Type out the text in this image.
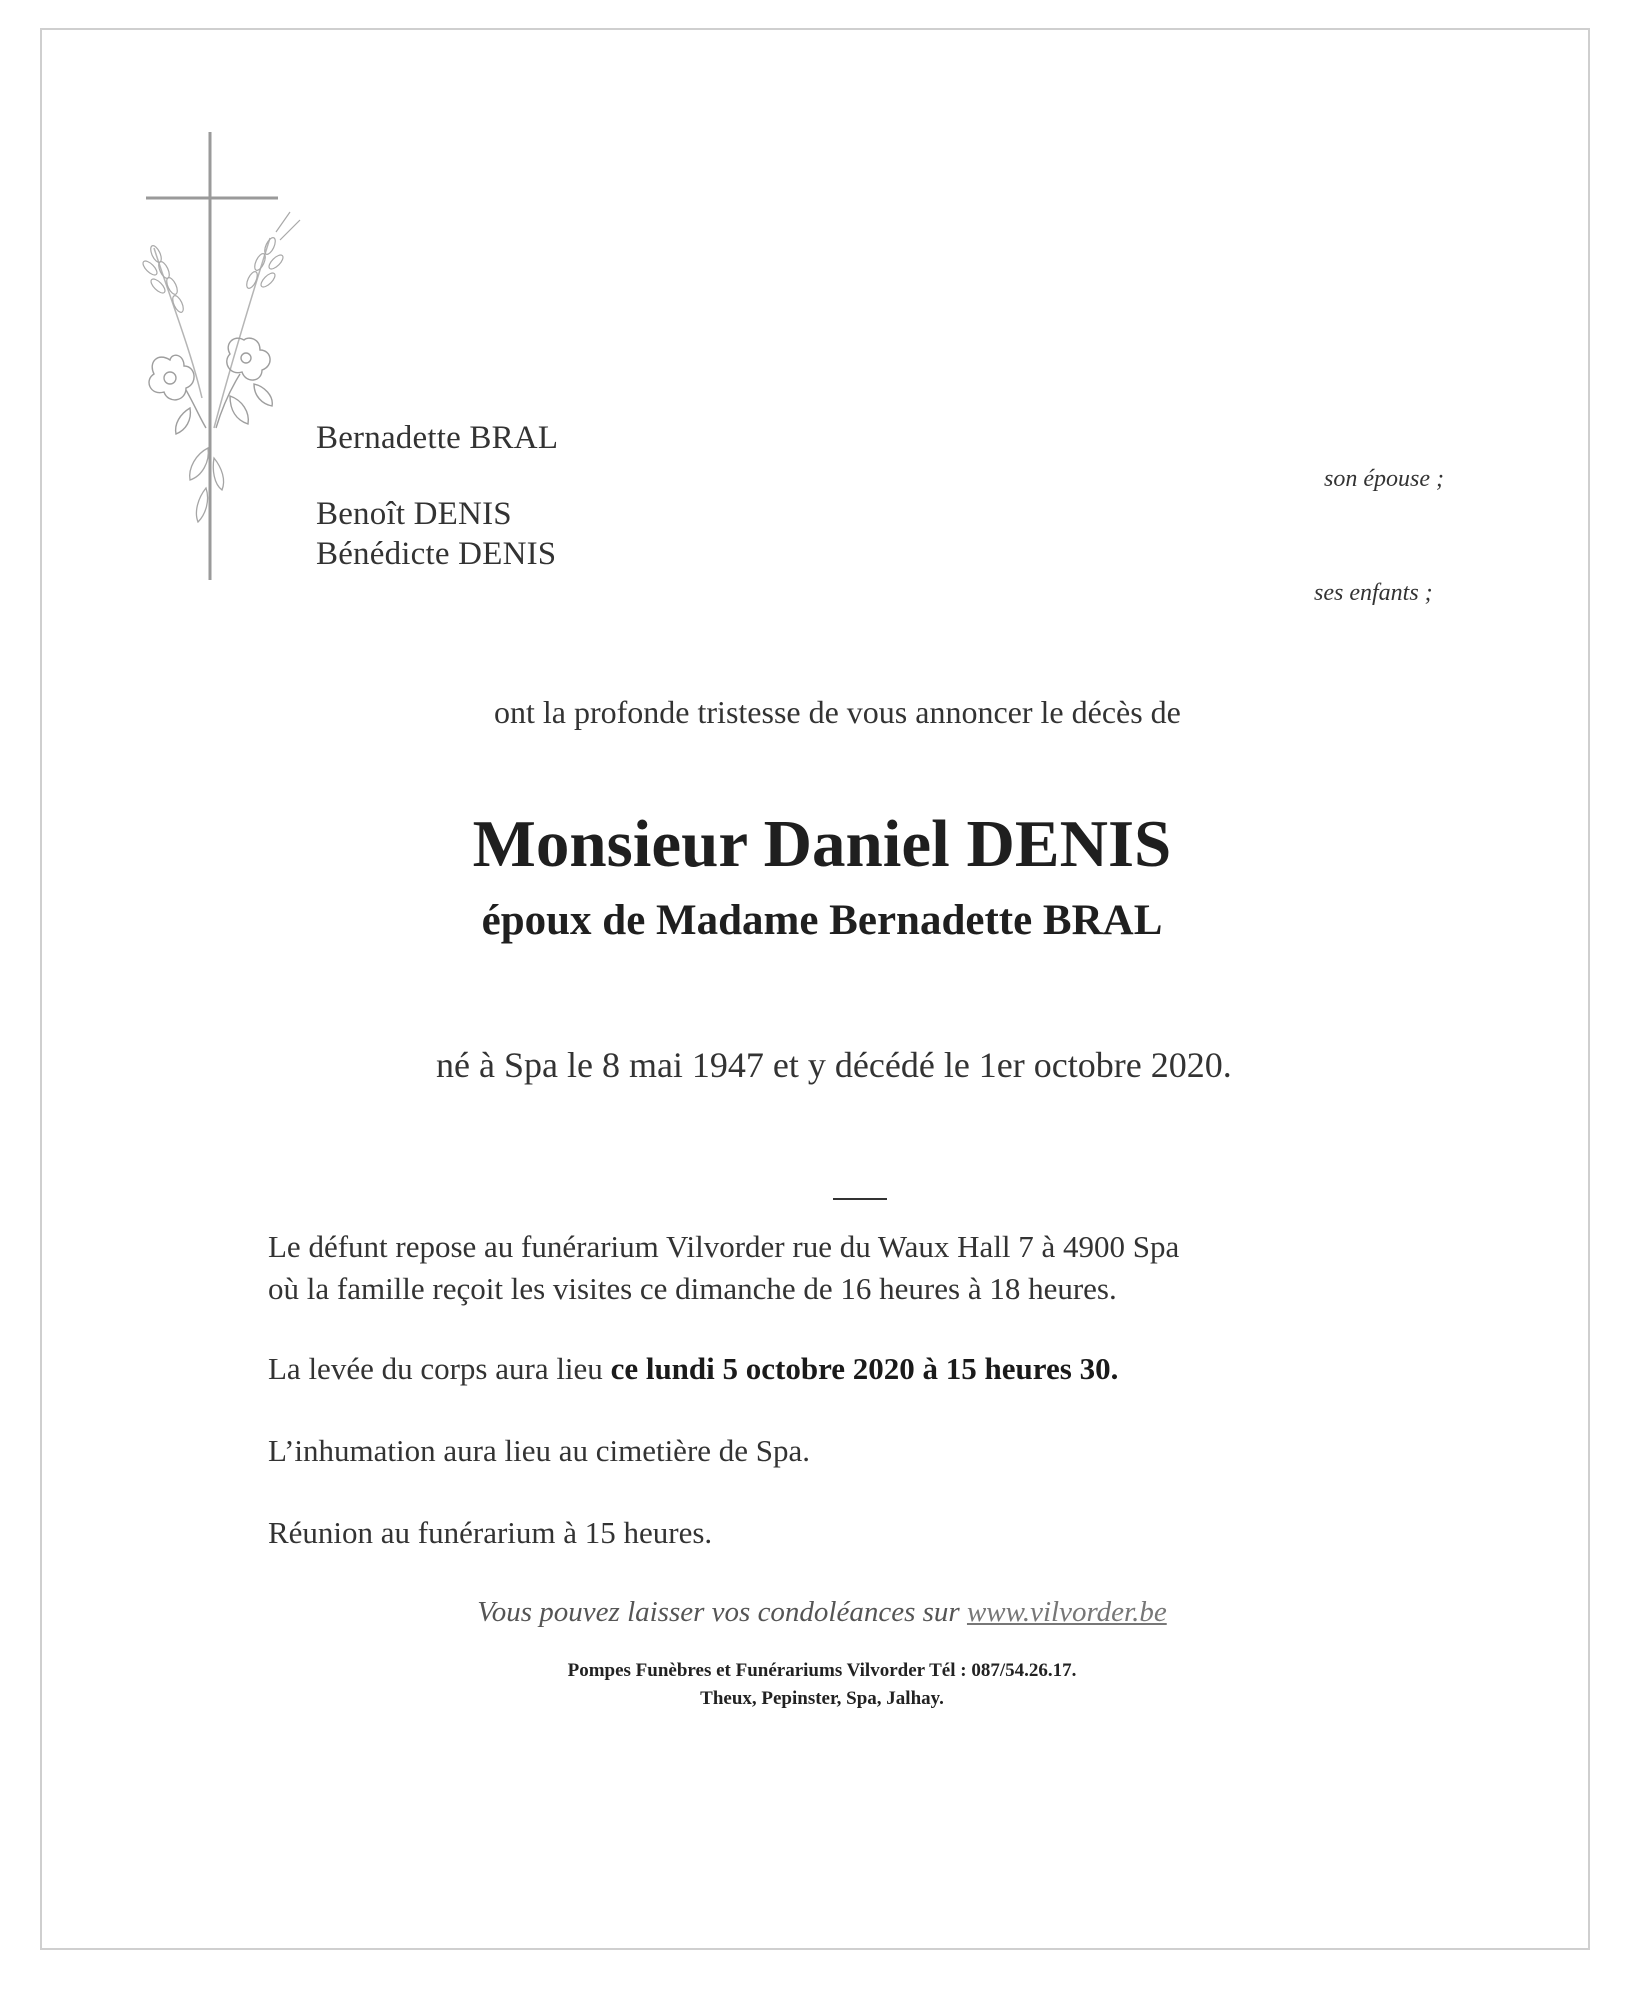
Bernadette BRAL
son épouse ;
Benoît DENIS
Bénédicte DENIS
ses enfants ;
ont la profonde tristesse de vous annoncer le décès de
Monsieur Daniel DENIS
époux de Madame Bernadette BRAL
né à Spa le 8 mai 1947 et y décédé le 1er octobre 2020.
Le défunt repose au funérarium Vilvorder rue du Waux Hall 7 à 4900 Spa
où la famille reçoit les visites ce dimanche de 16 heures à 18 heures.
La levée du corps aura lieu ce lundi 5 octobre 2020 à 15 heures 30.
L’inhumation aura lieu au cimetière de Spa.
Réunion au funérarium à 15 heures.
Vous pouvez laisser vos condoléances sur www.vilvorder.be
Pompes Funèbres et Funérariums Vilvorder Tél : 087/54.26.17.
Theux, Pepinster, Spa, Jalhay.
